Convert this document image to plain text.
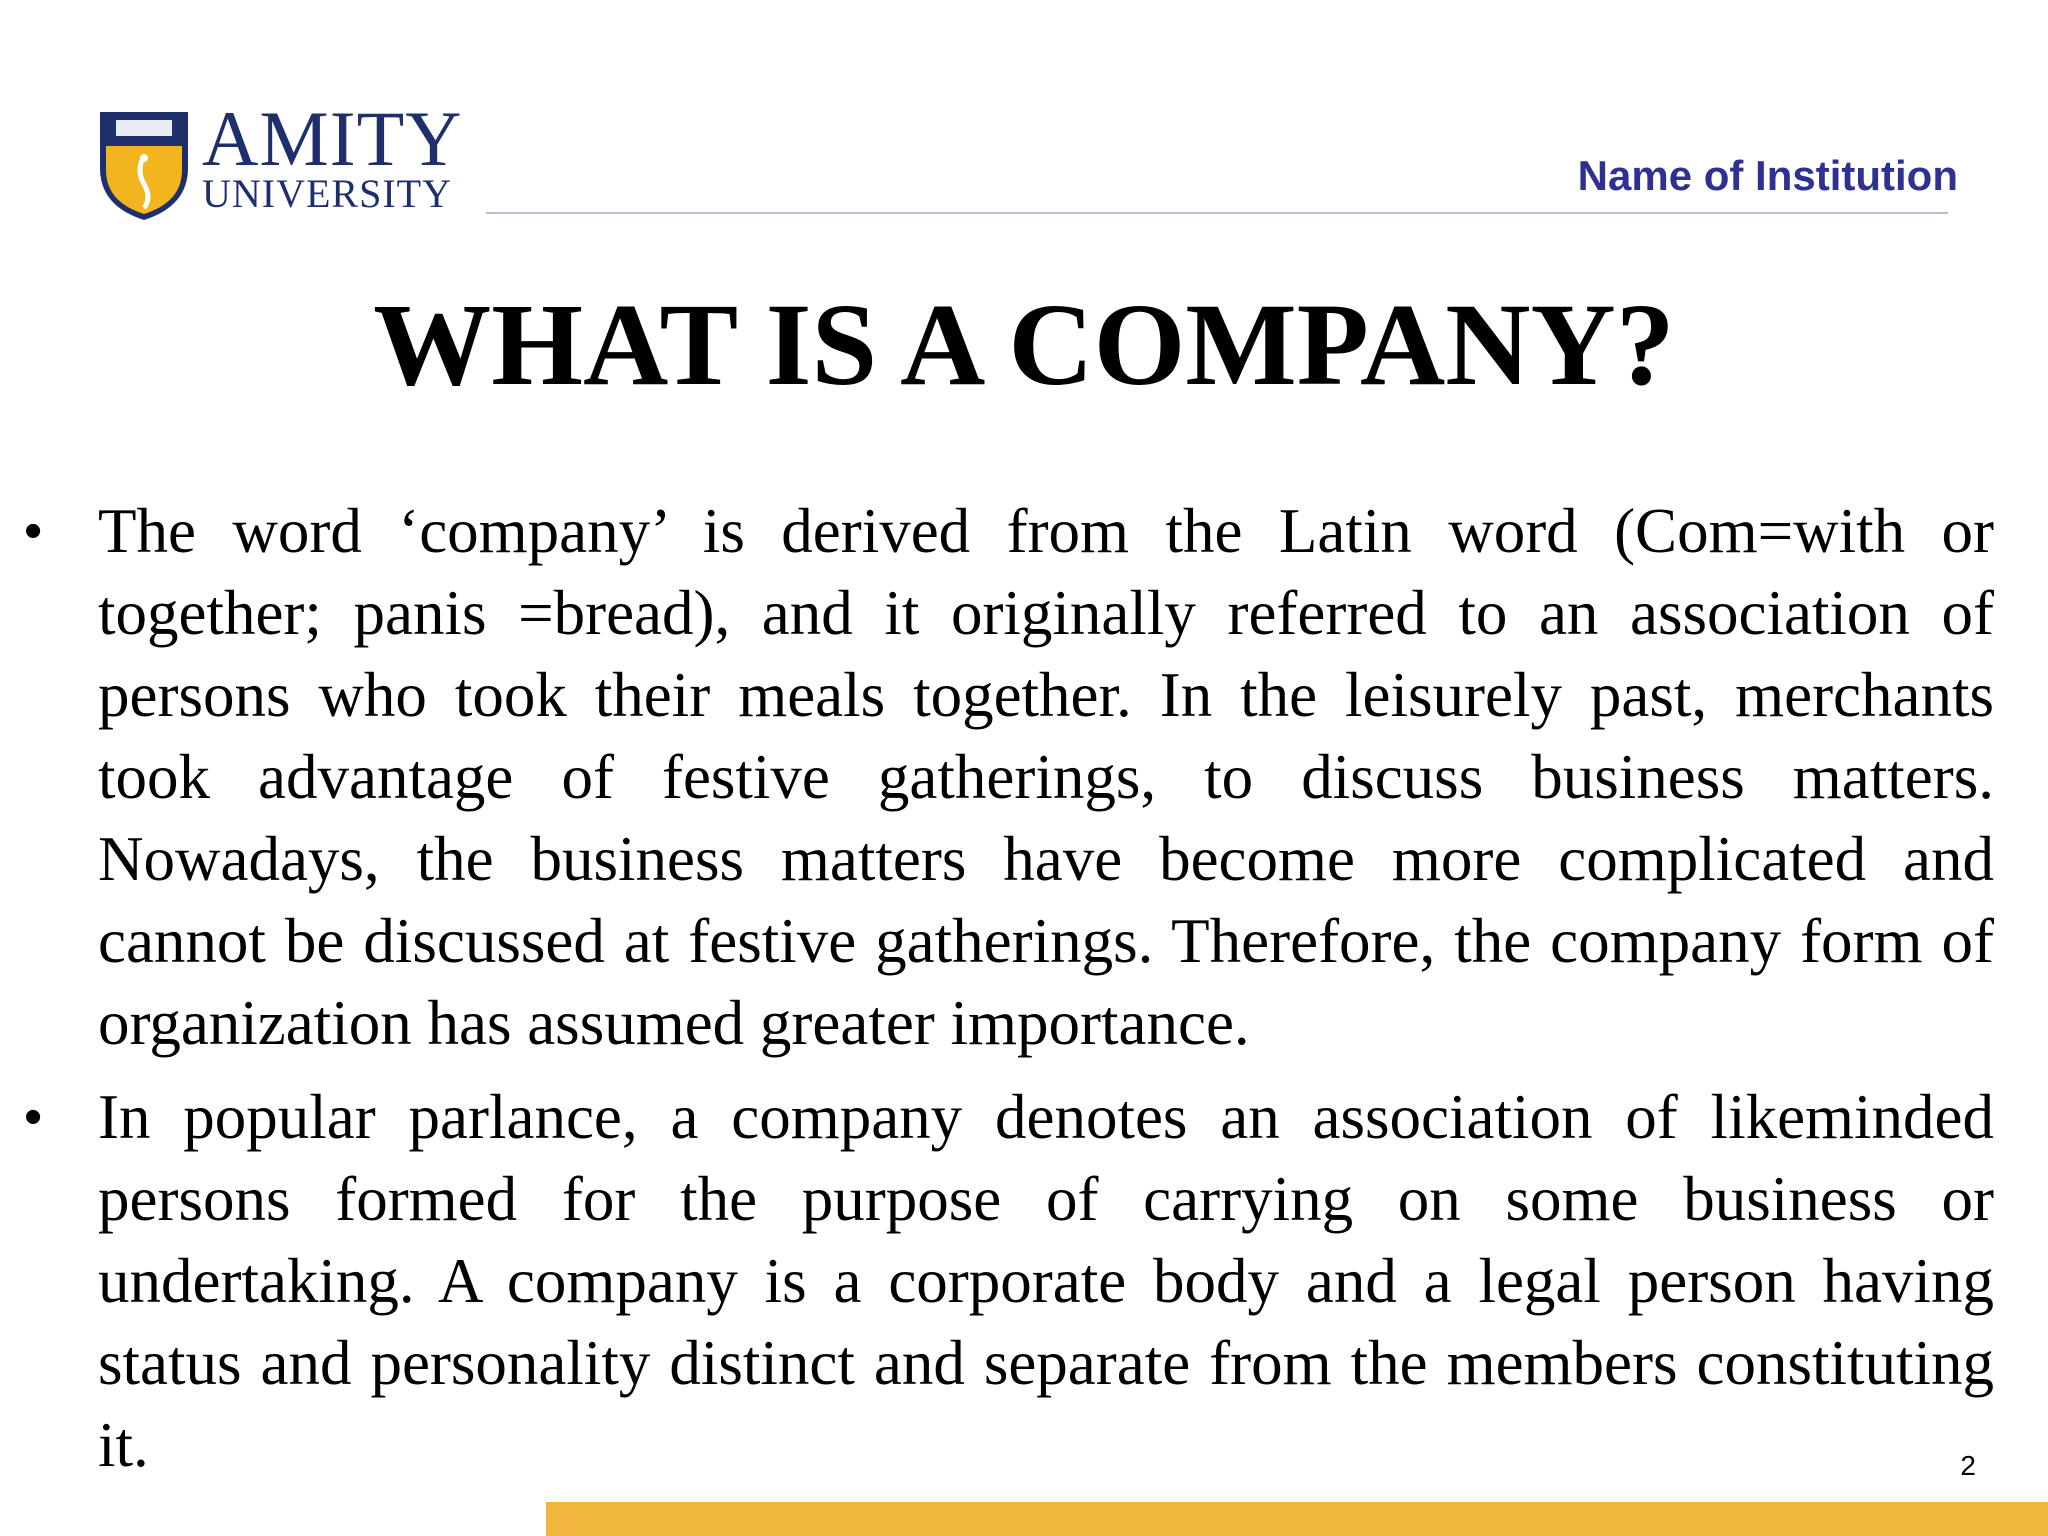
AMITY
UNIVERSITY	Name of Institution
WHAT IS A COMPANY?
• The word ‘company’ is derived from the Latin word (Com=with or together; panis =bread), and it originally referred to an association of persons who took their meals together. In the leisurely past, merchants took advantage of festive gatherings, to discuss business matters. Nowadays, the business matters have become more complicated and cannot be discussed at festive gatherings. Therefore, the company form of organization has assumed greater importance.
• In popular parlance, a company denotes an association of likeminded persons formed for the purpose of carrying on some business or undertaking. A company is a corporate body and a legal person having status and personality distinct and separate from the members constituting it.	2
